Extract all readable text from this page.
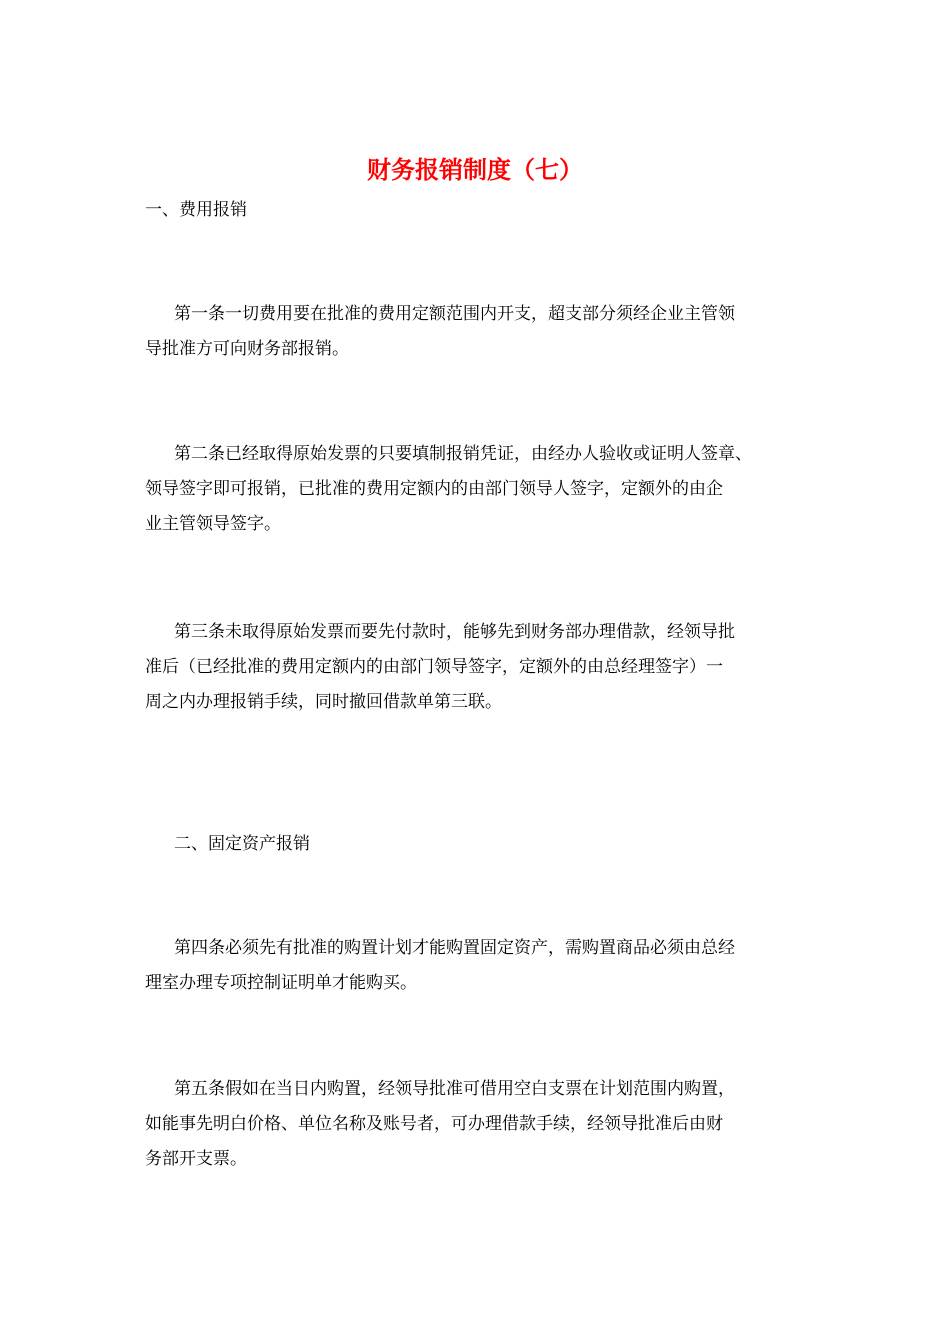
财务报销制度（七）
一、费用报销
第一条一切费用要在批准的费用定额范围内开支，超支部分须经企业主管领
导批准方可向财务部报销。
第二条已经取得原始发票的只要填制报销凭证，由经办人验收或证明人签章、
领导签字即可报销，已批准的费用定额内的由部门领导人签字，定额外的由企
业主管领导签字。
第三条未取得原始发票而要先付款时，能够先到财务部办理借款，经领导批
准后（已经批准的费用定额内的由部门领导签字，定额外的由总经理签字）一
周之内办理报销手续，同时撤回借款单第三联。
二、固定资产报销
第四条必须先有批准的购置计划才能购置固定资产，需购置商品必须由总经
理室办理专项控制证明单才能购买。
第五条假如在当日内购置，经领导批准可借用空白支票在计划范围内购置，
如能事先明白价格、单位名称及账号者，可办理借款手续，经领导批准后由财
务部开支票。
